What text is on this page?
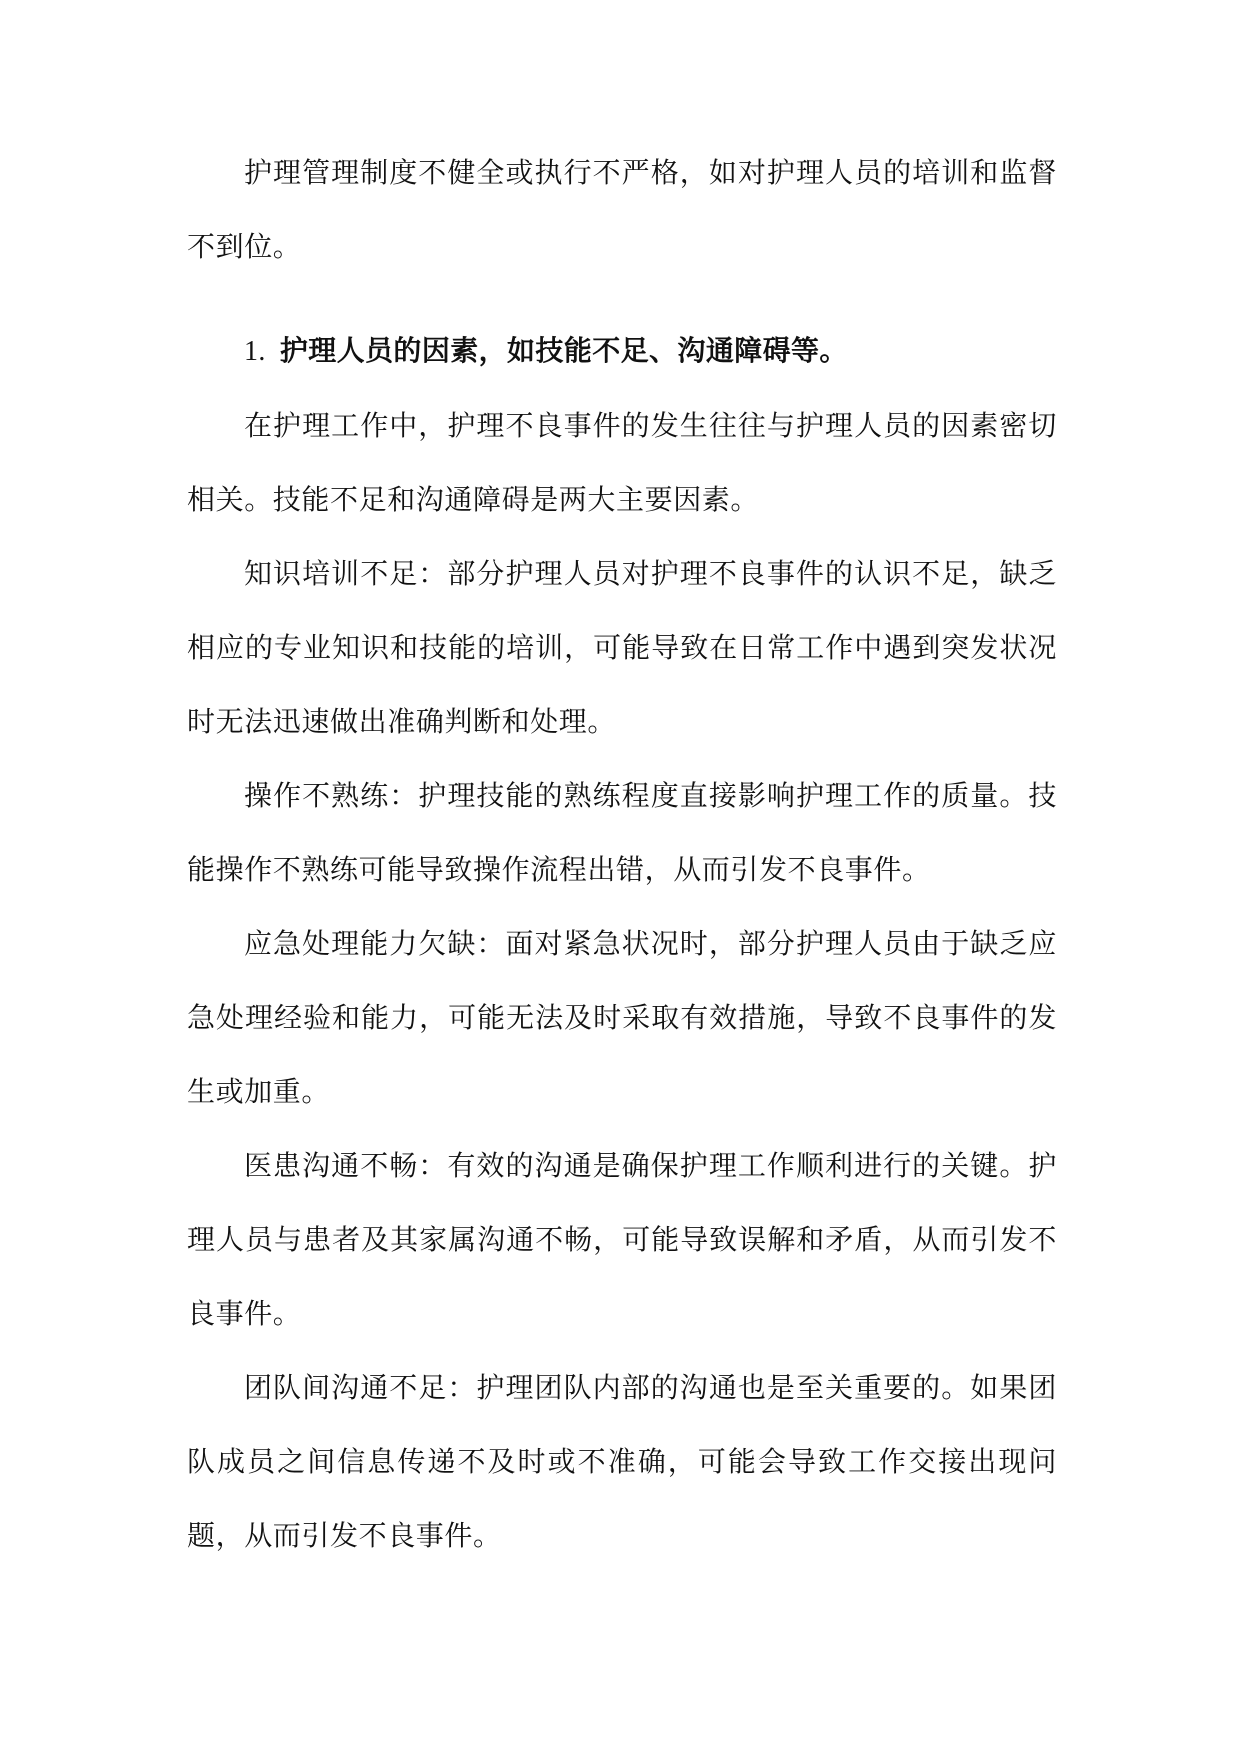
护理管理制度不健全或执行不严格，如对护理人员的培训和监督不到位。

1. 护理人员的因素，如技能不足、沟通障碍等。

在护理工作中，护理不良事件的发生往往与护理人员的因素密切相关。技能不足和沟通障碍是两大主要因素。

知识培训不足：部分护理人员对护理不良事件的认识不足，缺乏相应的专业知识和技能的培训，可能导致在日常工作中遇到突发状况时无法迅速做出准确判断和处理。

操作不熟练：护理技能的熟练程度直接影响护理工作的质量。技能操作不熟练可能导致操作流程出错，从而引发不良事件。

应急处理能力欠缺：面对紧急状况时，部分护理人员由于缺乏应急处理经验和能力，可能无法及时采取有效措施，导致不良事件的发生或加重。

医患沟通不畅：有效的沟通是确保护理工作顺利进行的关键。护理人员与患者及其家属沟通不畅，可能导致误解和矛盾，从而引发不良事件。

团队间沟通不足：护理团队内部的沟通也是至关重要的。如果团队成员之间信息传递不及时或不准确，可能会导致工作交接出现问题，从而引发不良事件。
